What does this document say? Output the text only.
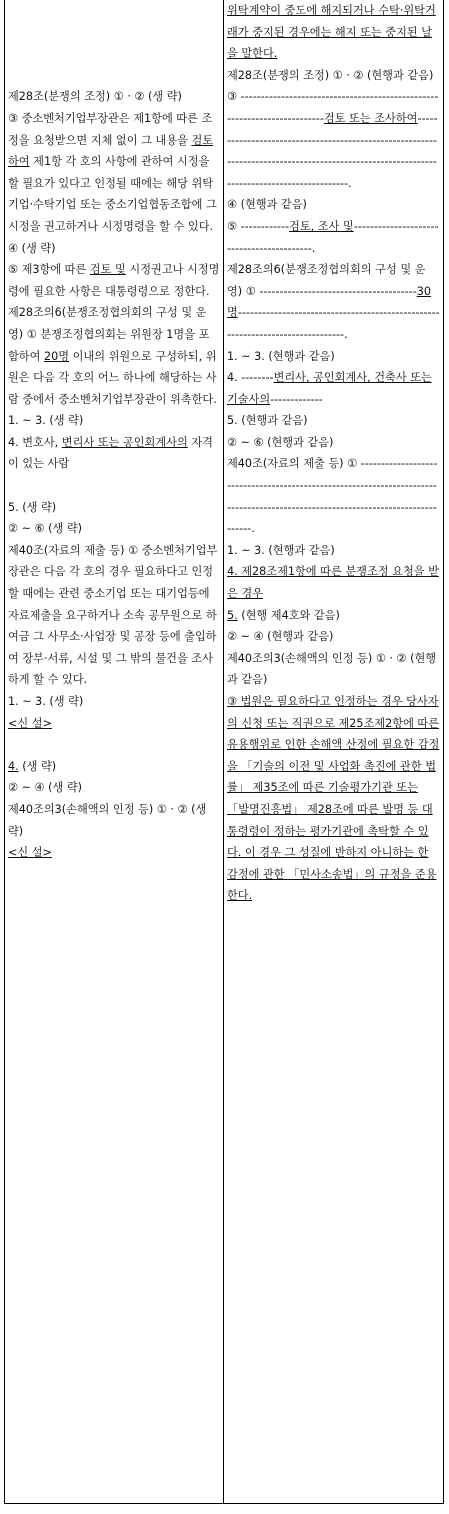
제28조(분쟁의 조정) ① · ② (생 략)
③ 중소벤처기업부장관은 제1항에 따른 조정을 요청받으면 지체 없이 그 내용을 검토하여 제1항 각 호의 사항에 관하여 시정을 할 필요가 있다고 인정될 때에는 해당 위탁기업·수탁기업 또는 중소기업협동조합에 그 시정을 권고하거나 시정명령을 할 수 있다.
④ (생 략)
⑤ 제3항에 따른 검토 및 시정권고나 시정명령에 필요한 사항은 대통령령으로 정한다.
제28조의6(분쟁조정협의회의 구성 및 운영) ① 분쟁조정협의회는 위원장 1명을 포함하여 20명 이내의 위원으로 구성하되, 위원은 다음 각 호의 어느 하나에 해당하는 사람 중에서 중소벤처기업부장관이 위촉한다.
1. ~ 3. (생 략)
4. 변호사, 변리사 또는 공인회계사의 자격이 있는 사람
5. (생 략)
② ~ ⑥ (생 략)
제40조(자료의 제출 등) ① 중소벤처기업부장관은 다음 각 호의 경우 필요하다고 인정할 때에는 관련 중소기업 또는 대기업등에 자료제출을 요구하거나 소속 공무원으로 하여금 그 사무소·사업장 및 공장 등에 출입하여 장부·서류, 시설 및 그 밖의 물건을 조사하게 할 수 있다.
1. ~ 3. (생 략)
<신 설>
4. (생 략)
② ~ ④ (생 략)
제40조의3(손해액의 인정 등) ① · ② (생 략)
<신 설>
위탁계약이 중도에 해지되거나 수탁·위탁거래가 중지된 경우에는 해지 또는 중지된 날을 말한다.
제28조(분쟁의 조정) ① · ② (현행과 같음)
③ -------------------------------------------------------------------------검토 또는 조사하여-------------------------------------------------------------------------------------------------------------------------------------------.
④ (현행과 같음)
⑤ ------------검토, 조사 및------------------------------------------.
제28조의6(분쟁조정협의회의 구성 및 운영) ① ---------------------------------------30명-------------------------------------------------------------------------------.
1. ~ 3. (현행과 같음)
4. --------변리사, 공인회계사, 건축사 또는 기술사의-------------
5. (현행과 같음)
② ~ ⑥ (현행과 같음)
제40조(자료의 제출 등) ① ---------------------------------------------------------------------------------------------------------------------------------.
1. ~ 3. (현행과 같음)
4. 제28조제1항에 따른 분쟁조정 요청을 받은 경우
5. (현행 제4호와 같음)
② ~ ④ (현행과 같음)
제40조의3(손해액의 인정 등) ① · ② (현행과 같음)
③ 법원은 필요하다고 인정하는 경우 당사자의 신청 또는 직권으로 제25조제2항에 따른 유용행위로 인한 손해액 산정에 필요한 감정을 「기술의 이전 및 사업화 촉진에 관한 법률」 제35조에 따른 기술평가기관 또는 「발명진흥법」 제28조에 따른 발명 등 대통령령이 정하는 평가기관에 촉탁할 수 있다. 이 경우 그 성질에 반하지 아니하는 한 감정에 관한 「민사소송법」의 규정을 준용한다.
